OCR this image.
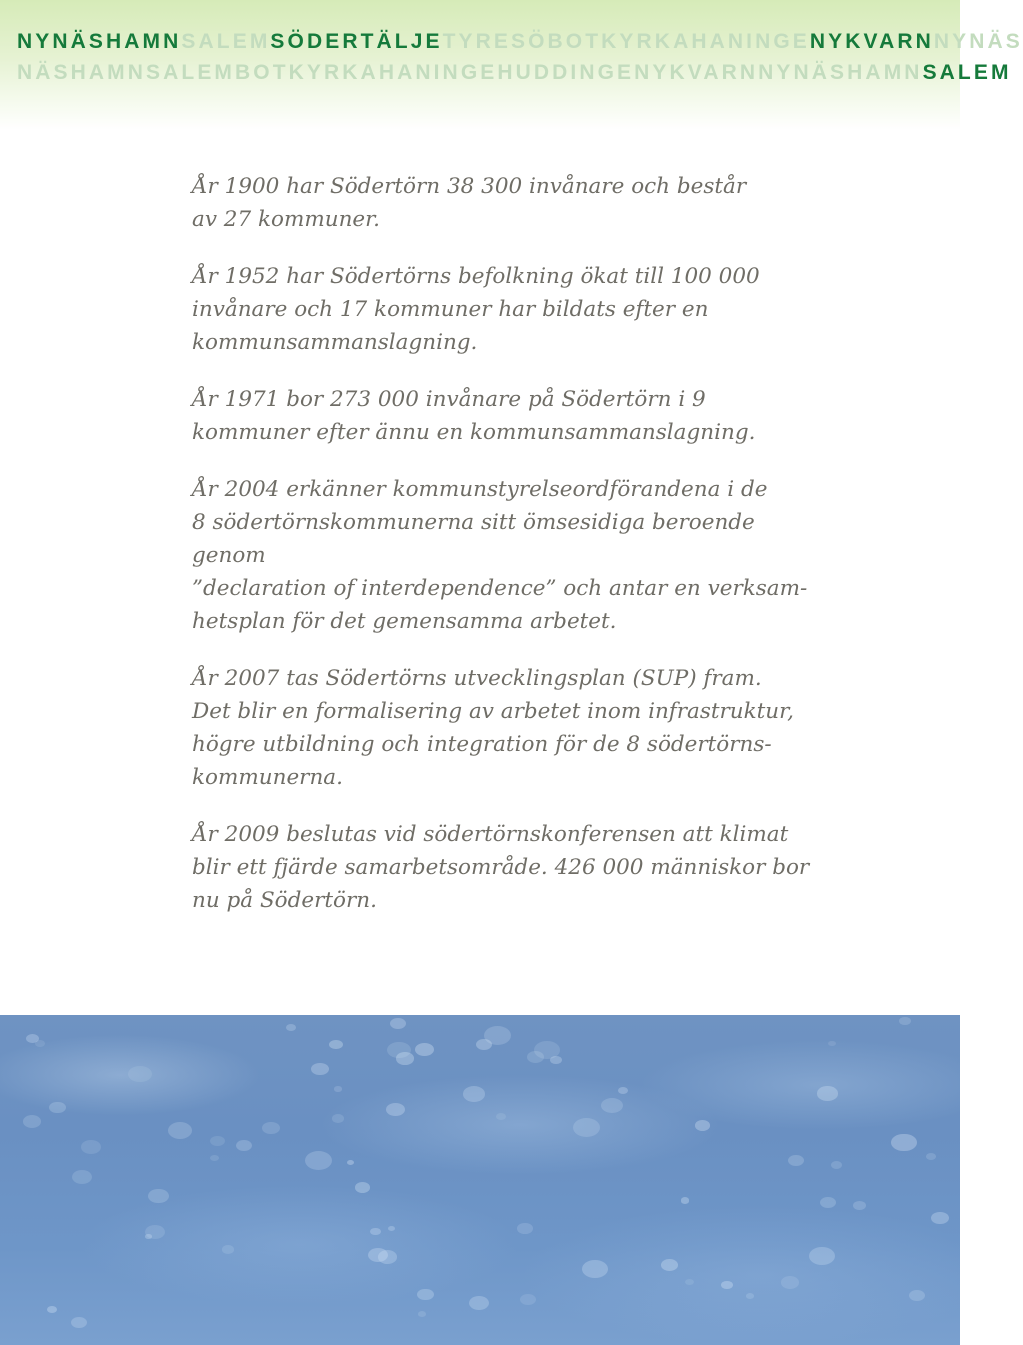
NYNÄSHAMNSALEMSÖDERTÄLJETYRESÖBOTKYRKAHANINGENYKVARNNYNÄS
NÄSHAMNSALEMBOTKYRKAHANINGEHUDDINGENYKVARNNYNÄSHAMNSALEM

År 1900 har Södertörn 38 300 invånare och består
av 27 kommuner.

År 1952 har Södertörns befolkning ökat till 100 000
invånare och 17 kommuner har bildats efter en
kommunsammanslagning.

År 1971 bor 273 000 invånare på Södertörn i 9
kommuner efter ännu en kommunsammanslagning.

År 2004 erkänner kommunstyrelseordförandena i de
8 södertörnskommunerna sitt ömsesidiga beroende genom
”declaration of interdependence” och antar en verksam-
hetsplan för det gemensamma arbetet.

År 2007 tas Södertörns utvecklingsplan (SUP) fram.
Det blir en formalisering av arbetet inom infrastruktur,
högre utbildning och integration för de 8 södertörns-
kommunerna.

År 2009 beslutas vid södertörnskonferensen att klimat
blir ett fjärde samarbetsområde. 426 000 människor bor
nu på Södertörn.
